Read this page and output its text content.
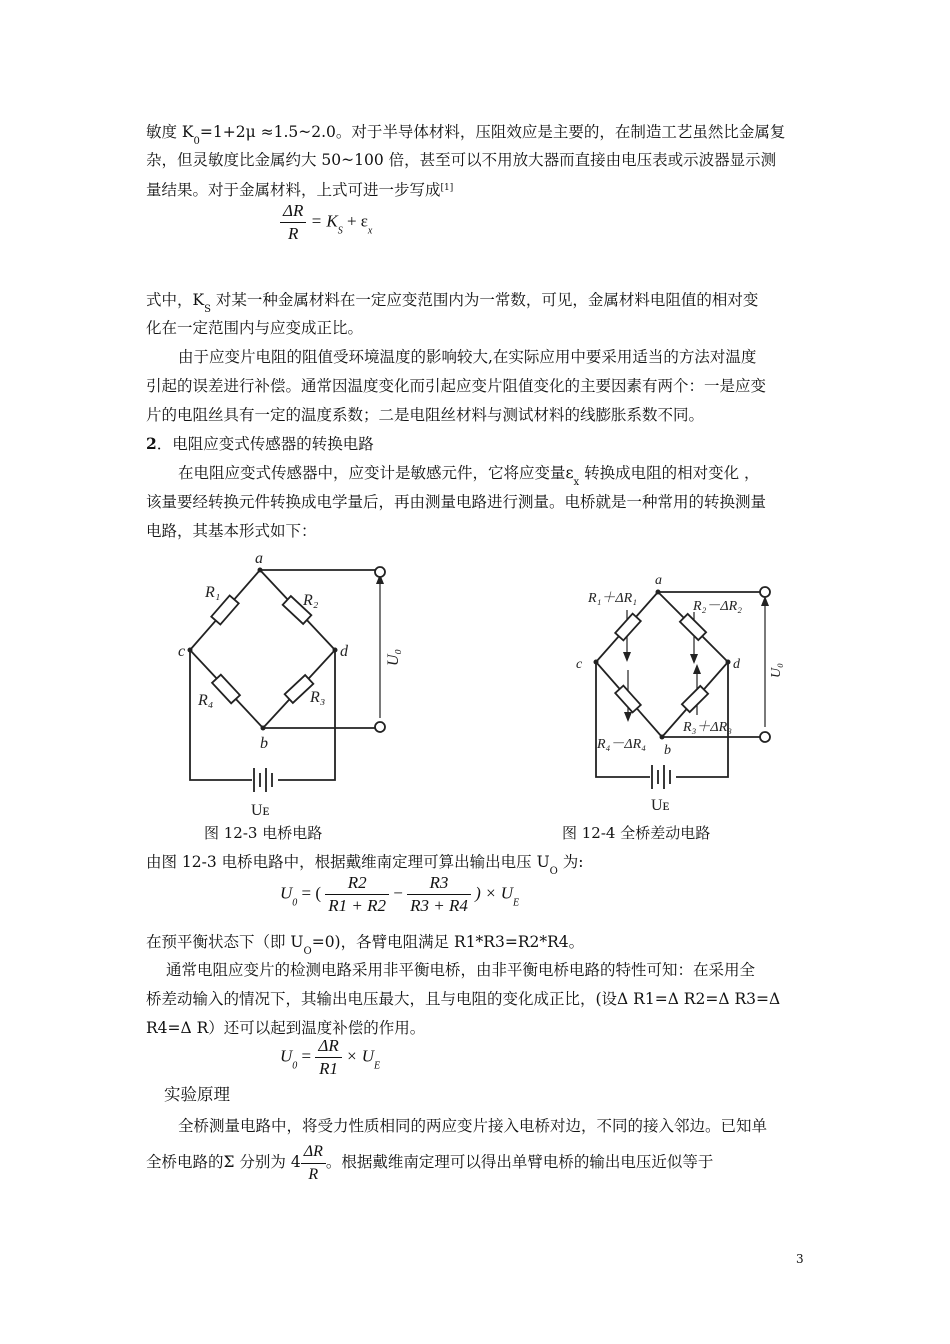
敏度 $K_0=1+2\mu$ ≈1.5~2.0。对于半导体材料，压阻效应是主要的，在制造工艺虽然比金属复
杂，但灵敏度比金属约大 50~100 倍，甚至可以不用放大器而直接由电压表或示波器显示测
量结果。对于金属材料，上式可进一步写成[1]
$\frac{\Delta R}{R} = K_S + \varepsilon_x$
式中，$K_S$ 对某一种金属材料在一定应变范围内为一常数，可见，金属材料电阻值的相对变
化在一定范围内与应变成正比。
由于应变片电阻的阻值受环境温度的影响较大,在实际应用中要采用适当的方法对温度
引起的误差进行补偿。通常因温度变化而引起应变片阻值变化的主要因素有两个：一是应变
片的电阻丝具有一定的温度系数；二是电阻丝材料与测试材料的线膨胀系数不同。
2．电阻应变式传感器的转换电路
在电阻应变式传感器中，应变计是敏感元件，它将应变量$\varepsilon_x$ 转换成电阻的相对变化 ，
该量要经转换元件转换成电学量后，再由测量电路进行测量。电桥就是一种常用的转换测量
电路，其基本形式如下：
a
c	d
b
R₁	R₂
R₃
R₄
U₀
Uᴇ
a
c	d
b
R₁＋ΔR₁
R₂－ΔR₂
R₃＋ΔR₃
R₄－ΔR₄
U₀
Uᴇ
图 12-3 电桥电路	图 12-4 全桥差动电路
由图 12-3 电桥电路中，根据戴维南定理可算出输出电压 $U_O$ 为:
$U_0$ = ( $\frac{R2}{R1 + R2} - \frac{R3}{R3 + R4}$ ) × $U_E$
在预平衡状态下（即 $U_O=0$)，各臂电阻满足 R1*R3=R2*R4。
通常电阻应变片的检测电路采用非平衡电桥，由非平衡电桥电路的特性可知：在采用全
桥差动输入的情况下，其输出电压最大，且与电阻的变化成正比，(设Δ R1=Δ R2=Δ R3=Δ
R4=Δ R）还可以起到温度补偿的作用。
$U_0 = \frac{\Delta R}{R1} \times U_E$
实验原理
全桥测量电路中，将受力性质相同的两应变片接入电桥对边，不同的接入邻边。已知单
全桥电路的Σ 分别为 $4 \frac{\Delta R}{R}$ 。根据戴维南定理可以得出单臂电桥的输出电压近似等于
3
